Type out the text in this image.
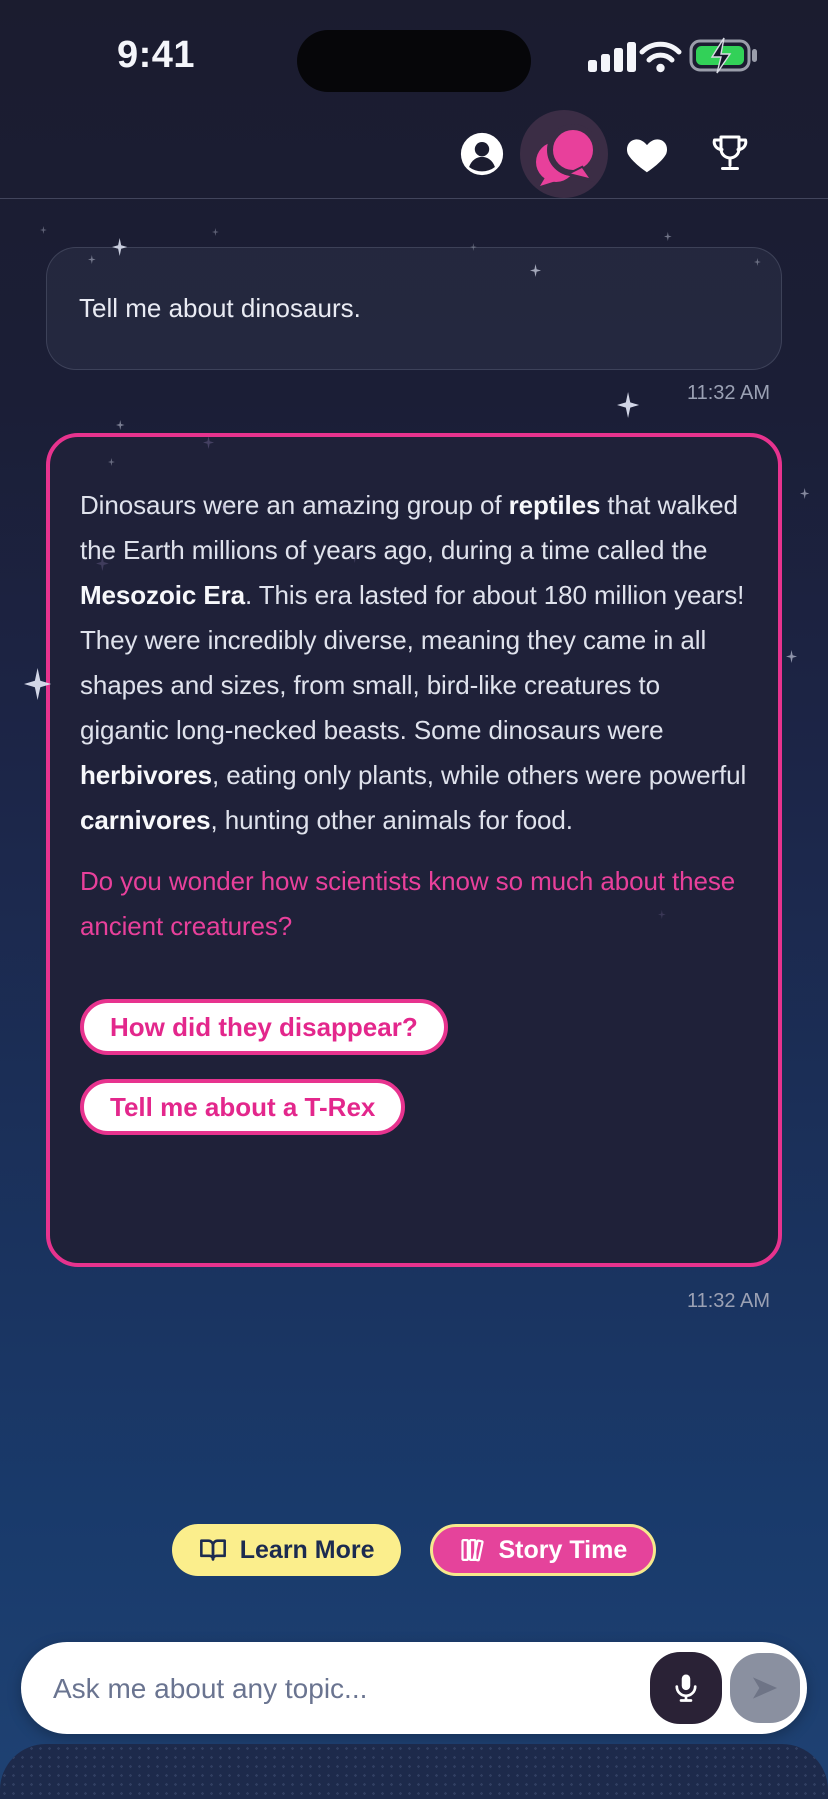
9:41
Tell me about dinosaurs.
11:32 AM
Dinosaurs were an amazing group of reptiles that walked the Earth millions of years ago, during a time called the Mesozoic Era. This era lasted for about 180 million years! They were incredibly diverse, meaning they came in all shapes and sizes, from small, bird-like creatures to gigantic long-necked beasts. Some dinosaurs were herbivores, eating only plants, while others were powerful carnivores, hunting other animals for food.
Do you wonder how scientists know so much about these ancient creatures?
How did they disappear?
Tell me about a T-Rex
11:32 AM
Learn More	Story Time
Ask me about any topic...
